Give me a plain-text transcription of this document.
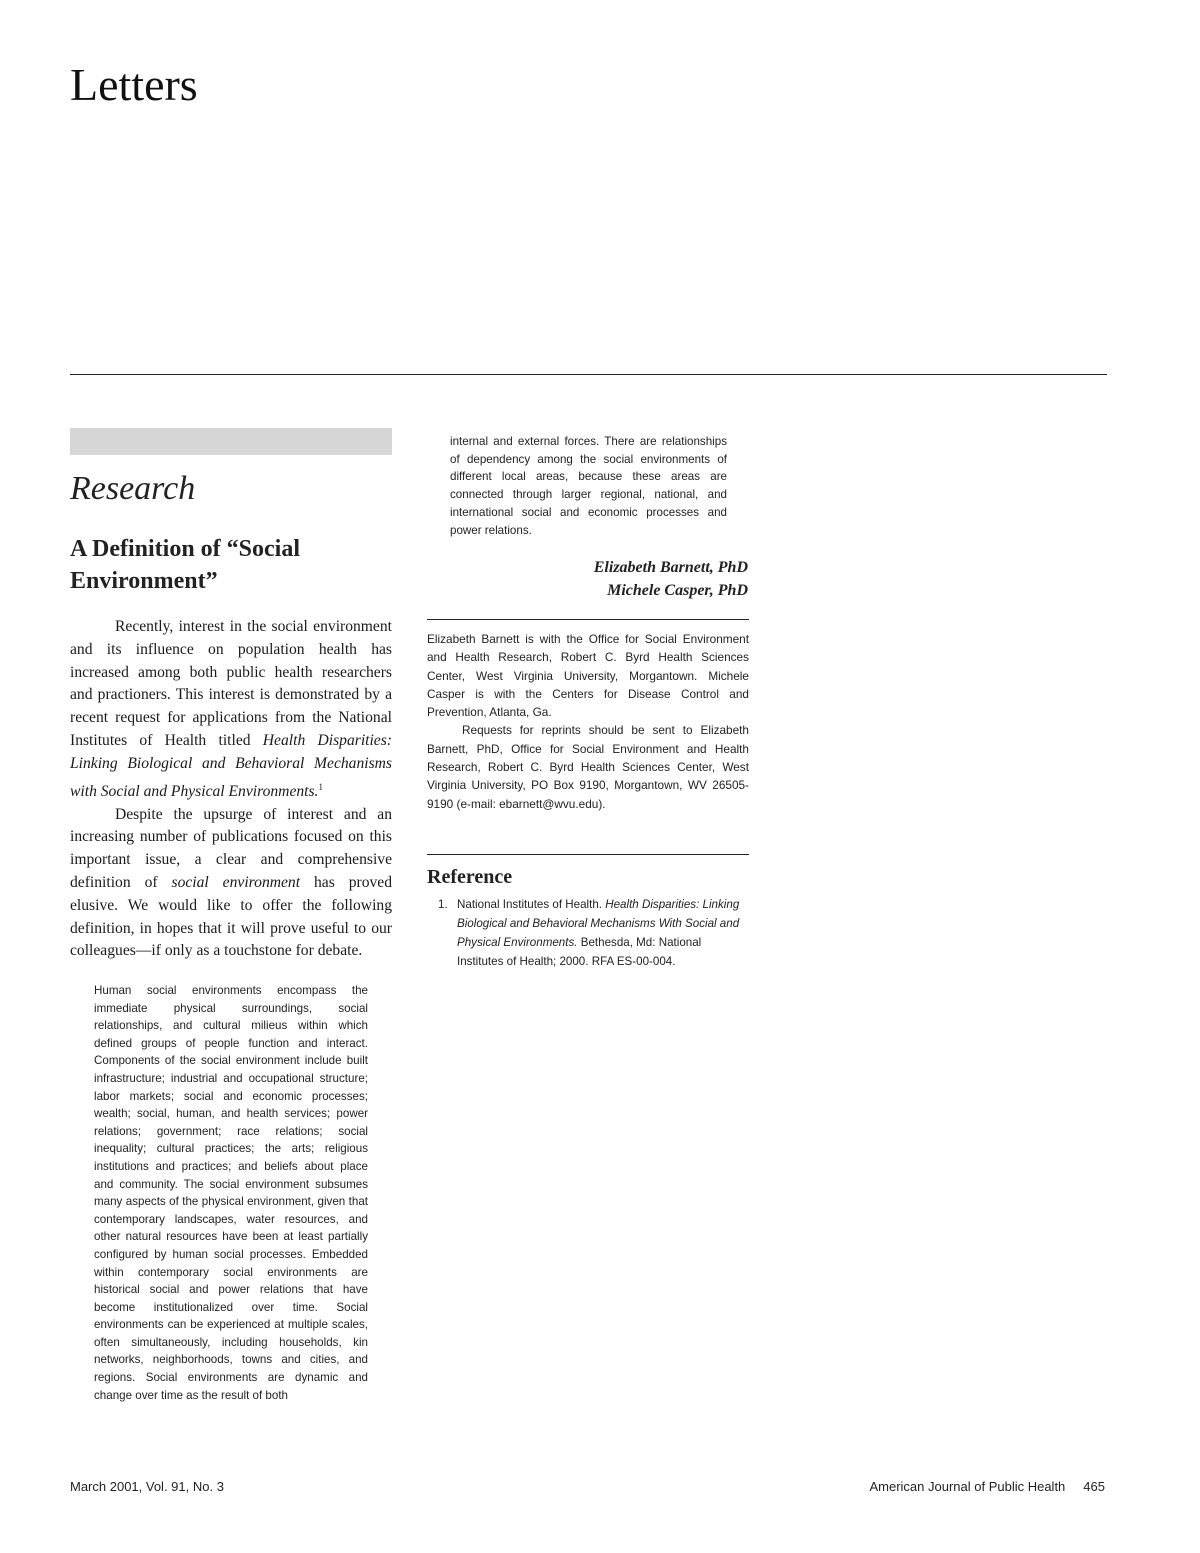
Letters
Research
A Definition of “Social Environment”

Recently, interest in the social environment and its influence on population health has increased among both public health researchers and practioners. This interest is demonstrated by a recent request for applications from the National Institutes of Health titled Health Disparities: Linking Biological and Behavioral Mechanisms with Social and Physical Environments.$^1$

Despite the upsurge of interest and an increasing number of publications focused on this important issue, a clear and comprehensive definition of social environment has proved elusive. We would like to offer the following definition, in hopes that it will prove useful to our colleagues—if only as a touchstone for debate.

Human social environments encompass the immediate physical surroundings, social relationships, and cultural milieus within which defined groups of people function and interact. Components of the social environment include built infrastructure; industrial and occupational structure; labor markets; social and economic processes; wealth; social, human, and health services; power relations; government; race relations; social inequality; cultural practices; the arts; religious institutions and practices; and beliefs about place and community. The social environment subsumes many aspects of the physical environment, given that contemporary landscapes, water resources, and other natural resources have been at least partially configured by human social processes. Embedded within contemporary social environments are historical social and power relations that have become institutionalized over time. Social environments can be experienced at multiple scales, often simultaneously, including households, kin networks, neighborhoods, towns and cities, and regions. Social environments are dynamic and change over time as the result of both
internal and external forces. There are relationships of dependency among the social environments of different local areas, because these areas are connected through larger regional, national, and international social and economic processes and power relations.
Elizabeth Barnett, PhD
Michele Casper, PhD

Elizabeth Barnett is with the Office for Social Environment and Health Research, Robert C. Byrd Health Sciences Center, West Virginia University, Morgantown. Michele Casper is with the Centers for Disease Control and Prevention, Atlanta, Ga.

Requests for reprints should be sent to Elizabeth Barnett, PhD, Office for Social Environment and Health Research, Robert C. Byrd Health Sciences Center, West Virginia University, PO Box 9190, Morgantown, WV 26505-9190 (e-mail: ebarnett@wvu.edu).

Reference
1. National Institutes of Health. Health Disparities: Linking Biological and Behavioral Mechanisms With Social and Physical Environments. Bethesda, Md: National Institutes of Health; 2000. RFA ES-00-004.
March 2001, Vol. 91, No. 3	American Journal of Public Health 465
